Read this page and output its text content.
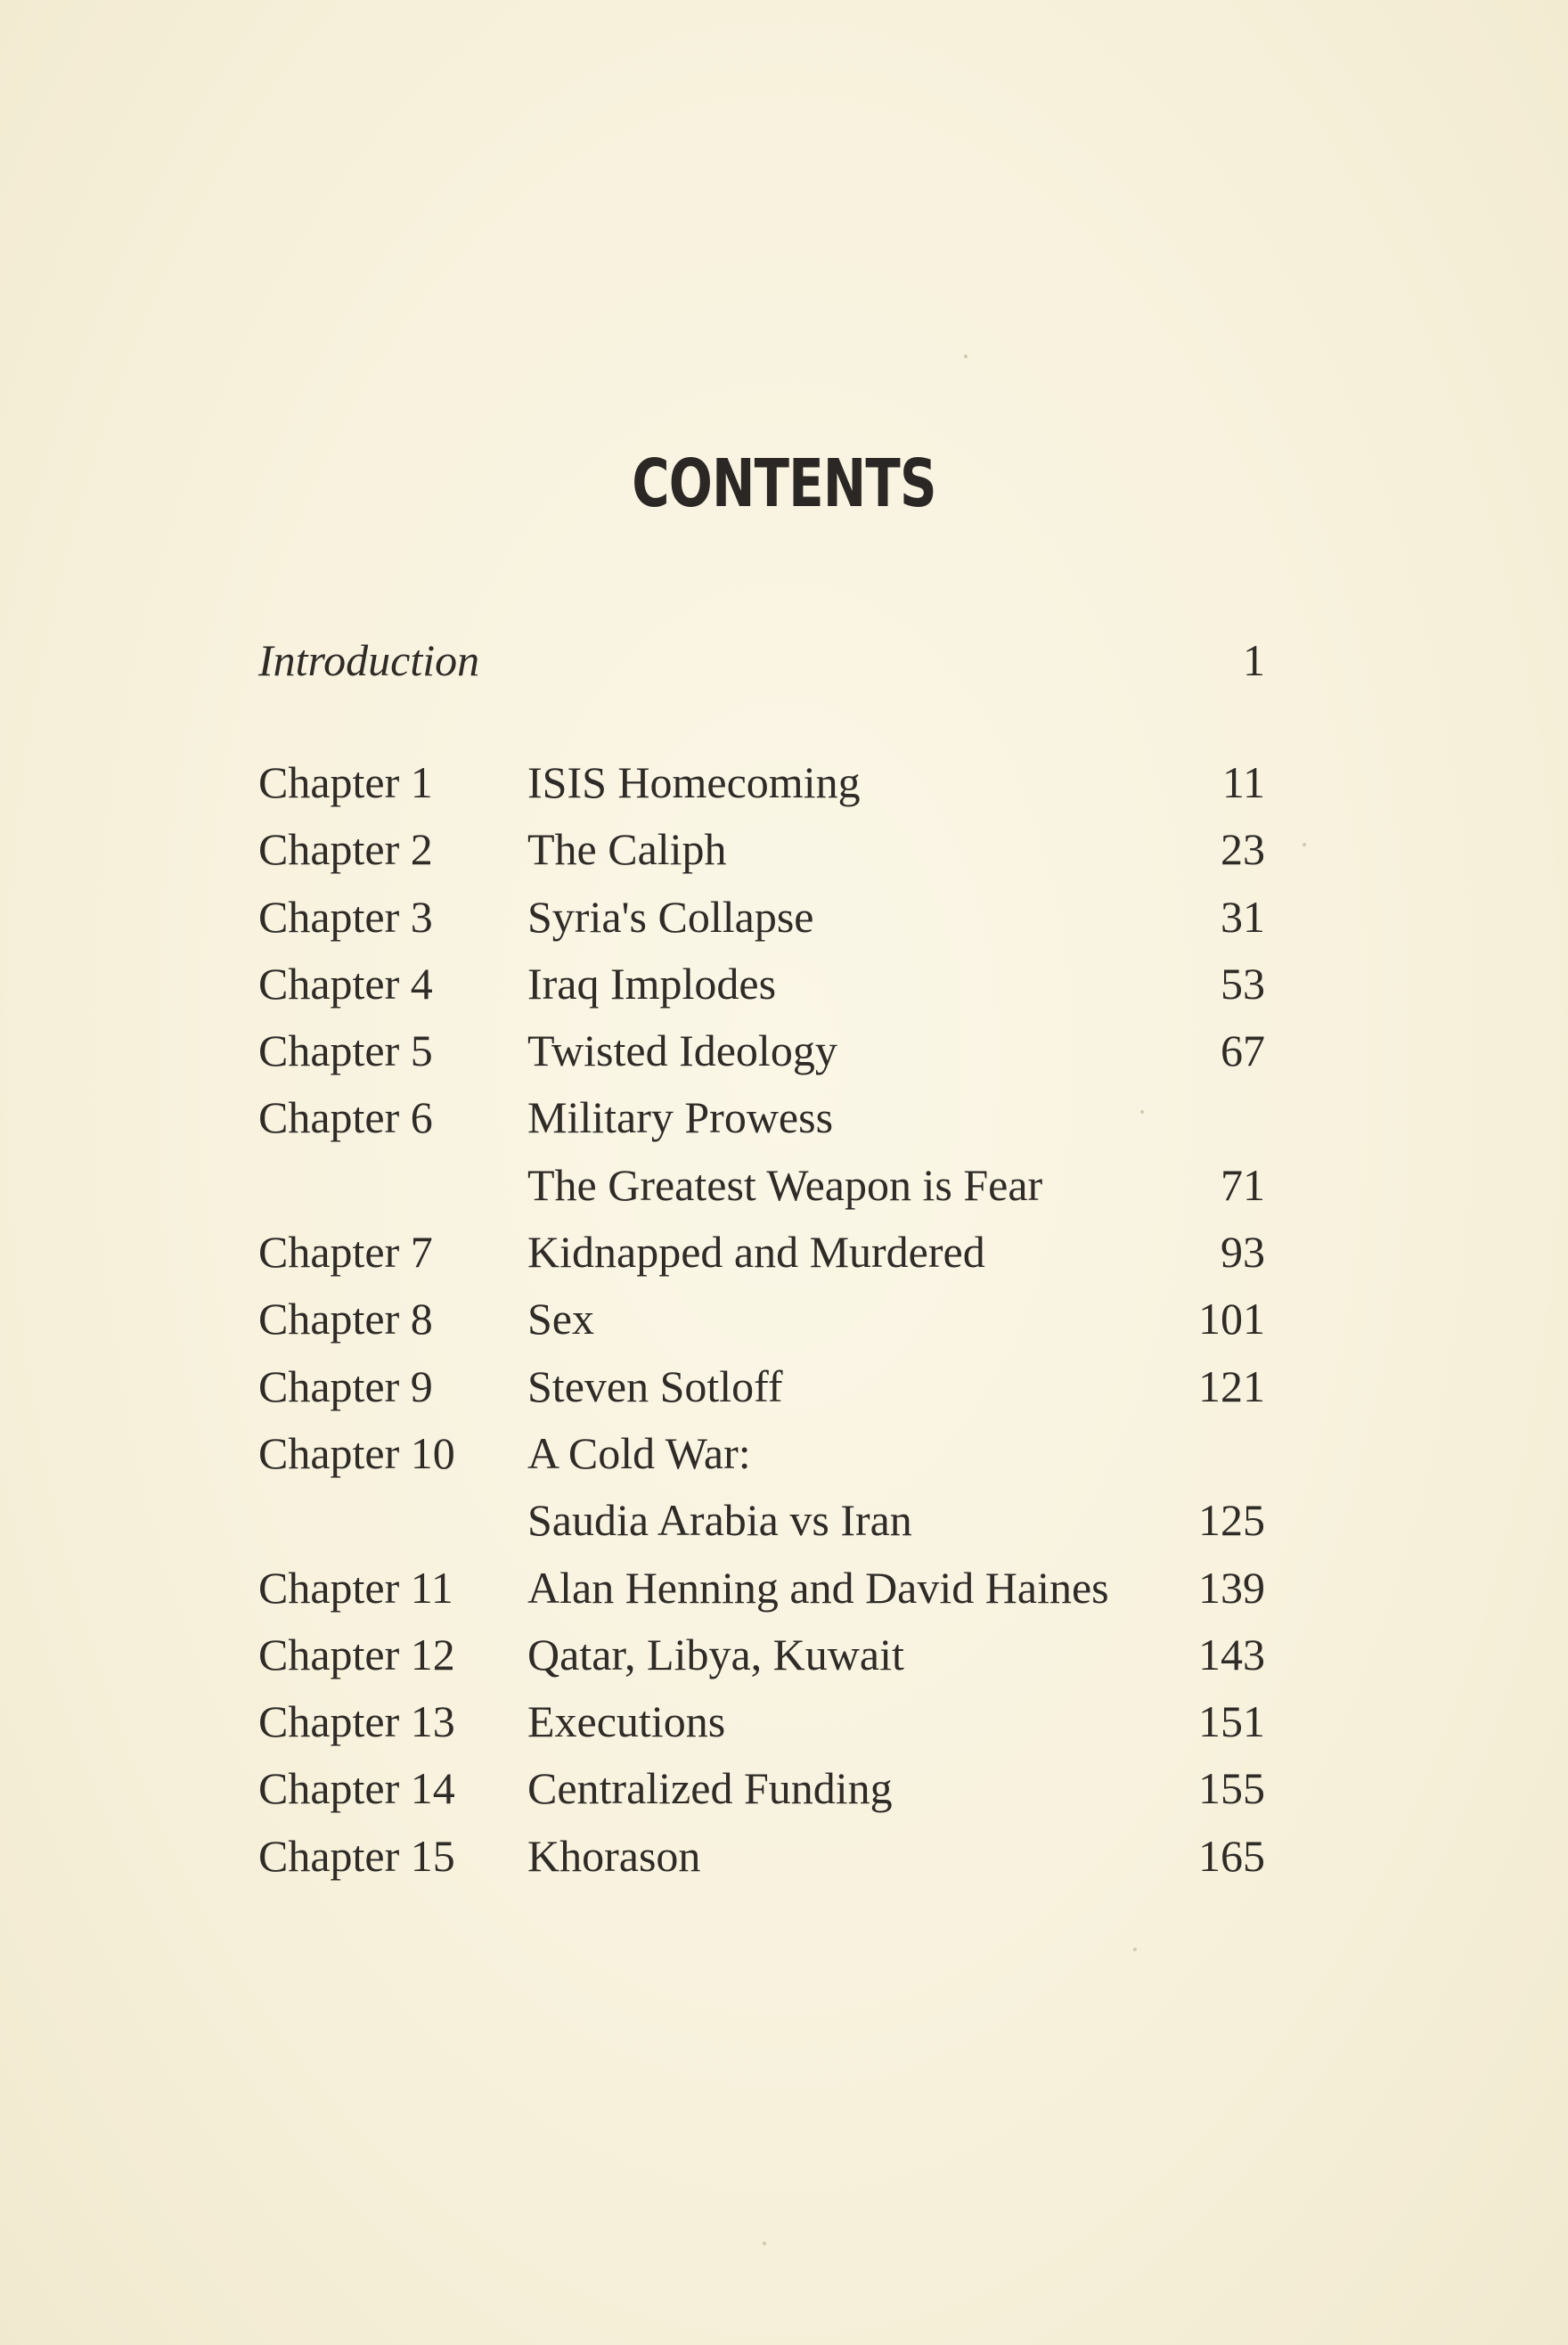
CONTENTS
Introduction	1
Chapter 1 ISIS Homecoming	11
Chapter 2 The Caliph	23
Chapter 3 Syria's Collapse	31
Chapter 4 Iraq Implodes	53
Chapter 5 Twisted Ideology	67
Chapter 6 Military Prowess
The Greatest Weapon is Fear	71
Chapter 7 Kidnapped and Murdered	93
Chapter 8 Sex	101
Chapter 9 Steven Sotloff	121
Chapter 10 A Cold War:
Saudia Arabia vs Iran	125
Chapter 11 Alan Henning and David Haines 139
Chapter 12 Qatar, Libya, Kuwait	143
Chapter 13 Executions	151
Chapter 14 Centralized Funding	155
Chapter 15 Khorason	165
